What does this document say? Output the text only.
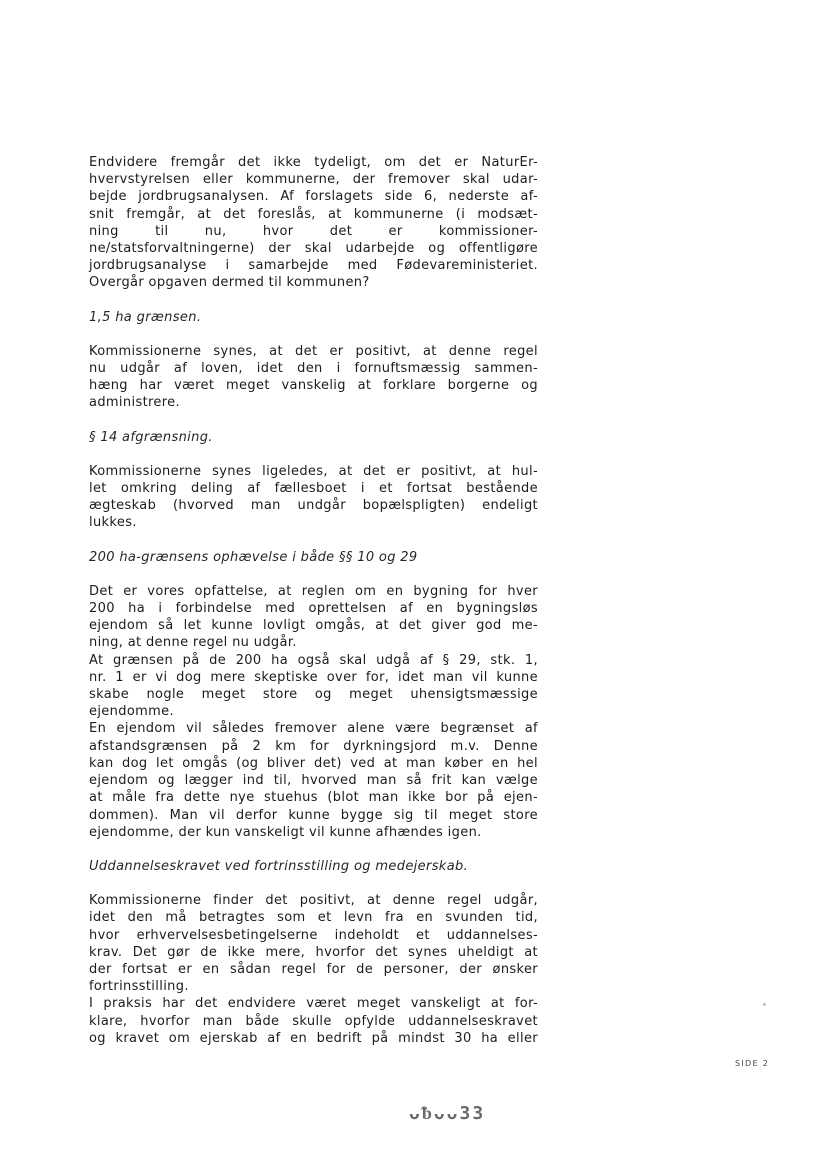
Endvidere fremgår det ikke tydeligt, om det er NaturEr-
hvervstyrelsen eller kommunerne, der fremover skal udar-
bejde jordbrugsanalysen. Af forslagets side 6, nederste af-
snit fremgår, at det foreslås, at kommunerne (i modsæt-
ning til nu, hvor det er kommissioner-
ne/statsforvaltningerne) der skal udarbejde og offentligøre
jordbrugsanalyse i samarbejde med Fødevareministeriet.
Overgår opgaven dermed til kommunen?

1,5 ha grænsen.

Kommissionerne synes, at det er positivt, at denne regel
nu udgår af loven, idet den i fornuftsmæssig sammen-
hæng har været meget vanskelig at forklare borgerne og
administrere.

§ 14 afgrænsning.

Kommissionerne synes ligeledes, at det er positivt, at hul-
let omkring deling af fællesboet i et fortsat bestående
ægteskab (hvorved man undgår bopælspligten) endeligt
lukkes.

200 ha-grænsens ophævelse i både §§ 10 og 29

Det er vores opfattelse, at reglen om en bygning for hver
200 ha i forbindelse med oprettelsen af en bygningsløs
ejendom så let kunne lovligt omgås, at det giver god me-
ning, at denne regel nu udgår.
At grænsen på de 200 ha også skal udgå af § 29, stk. 1,
nr. 1 er vi dog mere skeptiske over for, idet man vil kunne
skabe nogle meget store og meget uhensigtsmæssige
ejendomme.
En ejendom vil således fremover alene være begrænset af
afstandsgrænsen på 2 km for dyrkningsjord m.v. Denne
kan dog let omgås (og bliver det) ved at man køber en hel
ejendom og lægger ind til, hvorved man så frit kan vælge
at måle fra dette nye stuehus (blot man ikke bor på ejen-
dommen). Man vil derfor kunne bygge sig til meget store
ejendomme, der kun vanskeligt vil kunne afhændes igen.

Uddannelseskravet ved fortrinsstilling og medejerskab.

Kommissionerne finder det positivt, at denne regel udgår,
idet den må betragtes som et levn fra en svunden tid,
hvor erhvervelsesbetingelserne indeholdt et uddannelses-
krav. Det gør de ikke mere, hvorfor det synes uheldigt at
der fortsat er en sådan regel for de personer, der ønsker
fortrinsstilling.
I praksis har det endvidere været meget vanskeligt at for-
klare, hvorfor man både skulle opfylde uddannelseskravet
og kravet om ejerskab af en bedrift på mindst 30 ha eller
SIDE 2
ᴗᵬᴗᴗ33
